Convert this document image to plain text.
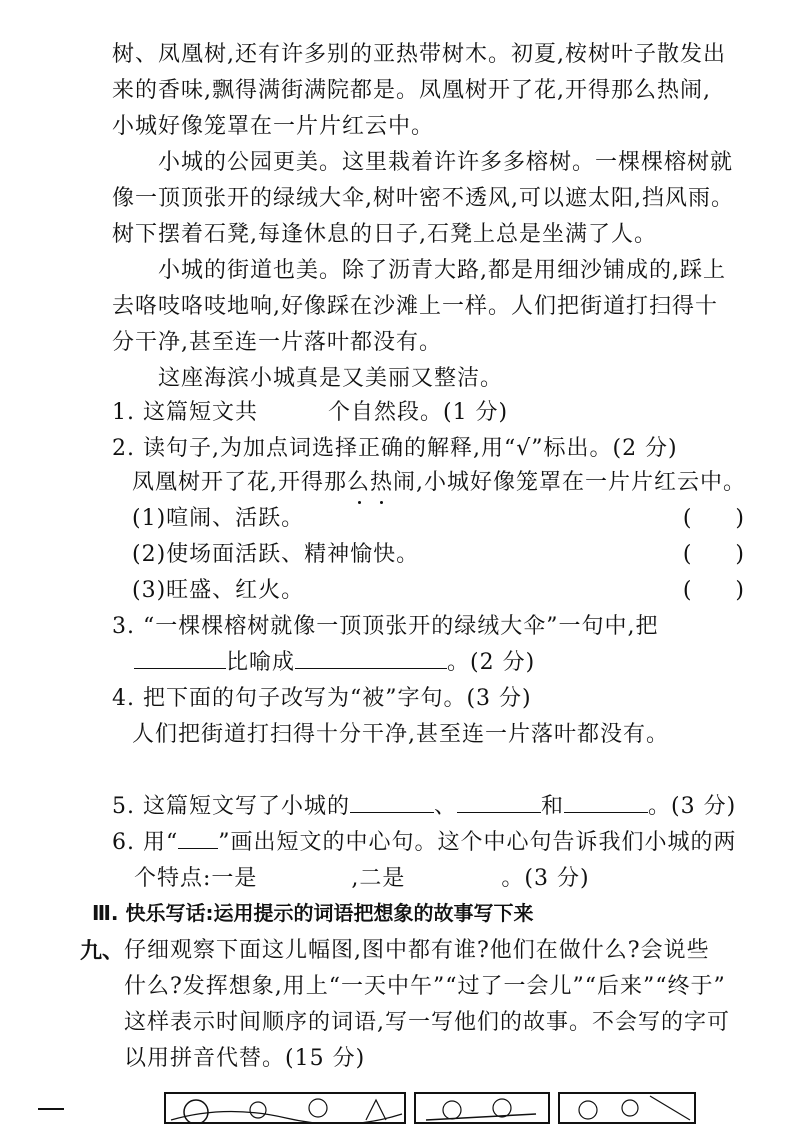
树、凤凰树,还有许多别的亚热带树木。初夏,桉树叶子散发出
来的香味,飘得满街满院都是。凤凰树开了花,开得那么热闹,
小城好像笼罩在一片片红云中。
小城的公园更美。这里栽着许许多多榕树。一棵棵榕树就
像一顶顶张开的绿绒大伞,树叶密不透风,可以遮太阳,挡风雨。
树下摆着石凳,每逢休息的日子,石凳上总是坐满了人。
小城的街道也美。除了沥青大路,都是用细沙铺成的,踩上
去咯吱咯吱地响,好像踩在沙滩上一样。人们把街道打扫得十
分干净,甚至连一片落叶都没有。
这座海滨小城真是又美丽又整洁。
1. 这篇短文共	个自然段。(1 分)
2. 读句子,为加点词选择正确的解释,用“√”标出。(2 分)
凤凰树开了花,开得那么热闹,小城好像笼罩在一片片红云中。
(1)喧闹、活跃。	(　　)
(2)使场面活跃、精神愉快。	(　　)
(3)旺盛、红火。	(　　)
3. “一棵棵榕树就像一顶顶张开的绿绒大伞”一句中,把
比喻成	。(2 分)
4. 把下面的句子改写为“被”字句。(3 分)
人们把街道打扫得十分干净,甚至连一片落叶都没有。
5. 这篇短文写了小城的	、	和	。(3 分)
6. 用“ ”画出短文的中心句。这个中心句告诉我们小城的两
个特点:一是	,二是	。(3 分)
Ⅲ. 快乐写话:运用提示的词语把想象的故事写下来
九、 仔细观察下面这儿幅图,图中都有谁?他们在做什么?会说些
什么?发挥想象,用上“一天中午”“过了一会儿”“后来”“终于”
这样表示时间顺序的词语,写一写他们的故事。不会写的字可
以用拼音代替。(15 分)
